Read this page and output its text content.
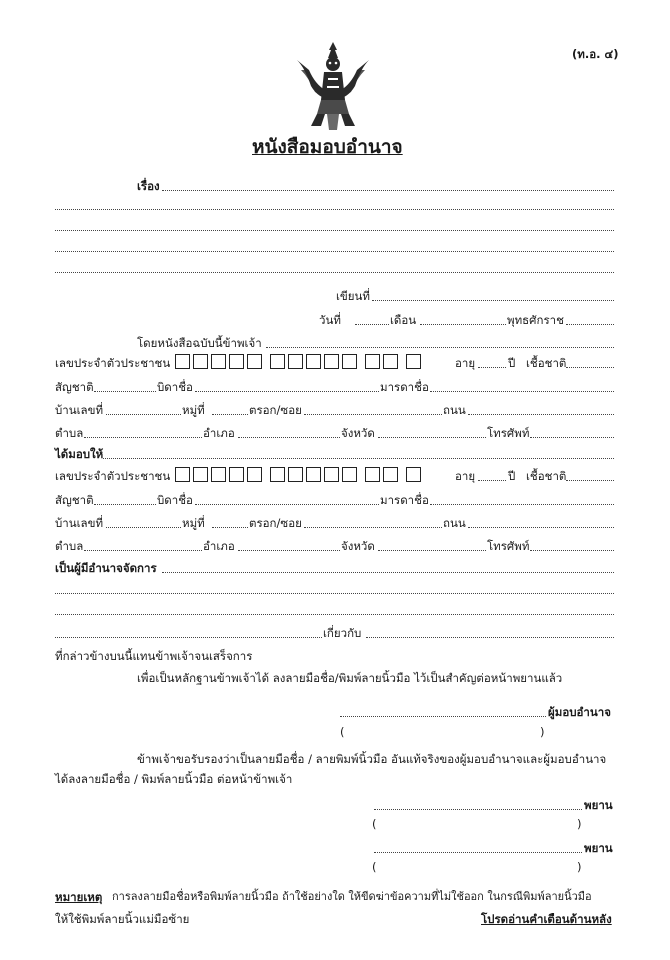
(ท.อ. ๔)
หนังสือมอบอำนาจ
เรื่อง
เขียนที่
วันที่	เดือน	พุทธศักราช
โดยหนังสือฉบับนี้ข้าพเจ้า
เลขประจำตัวประชาชน	อายุ	ปี เชื้อชาติ
สัญชาติ	บิดาชื่อ	มารดาชื่อ
บ้านเลขที่	หมู่ที่	ตรอก/ซอย	ถนน
ตำบล	อำเภอ	จังหวัด	โทรศัพท์
ได้มอบให้
เลขประจำตัวประชาชน	อายุ	ปี เชื้อชาติ
สัญชาติ	บิดาชื่อ	มารดาชื่อ
บ้านเลขที่	หมู่ที่	ตรอก/ซอย	ถนน
ตำบล	อำเภอ	จังหวัด	โทรศัพท์
เป็นผู้มีอำนาจจัดการ
เกี่ยวกับ
ที่กล่าวข้างบนนี้แทนข้าพเจ้าจนเสร็จการ
เพื่อเป็นหลักฐานข้าพเจ้าได้ ลงลายมือชื่อ/พิมพ์ลายนิ้วมือ ไว้เป็นสำคัญต่อหน้าพยานแล้ว
ผู้มอบอำนาจ
(	)
ข้าพเจ้าขอรับรองว่าเป็นลายมือชื่อ / ลายพิมพ์นิ้วมือ อันแท้จริงของผู้มอบอำนาจและผู้มอบอำนาจ
ได้ลงลายมือชื่อ / พิมพ์ลายนิ้วมือ ต่อหน้าข้าพเจ้า
พยาน
(	)
พยาน
(	)
หมายเหตุ การลงลายมือชื่อหรือพิมพ์ลายนิ้วมือ ถ้าใช้อย่างใด ให้ขีดฆ่าข้อความที่ไม่ใช้ออก ในกรณีพิมพ์ลายนิ้วมือ
ให้ใช้พิมพ์ลายนิ้วแม่มือซ้าย	โปรดอ่านคำเตือนด้านหลัง
